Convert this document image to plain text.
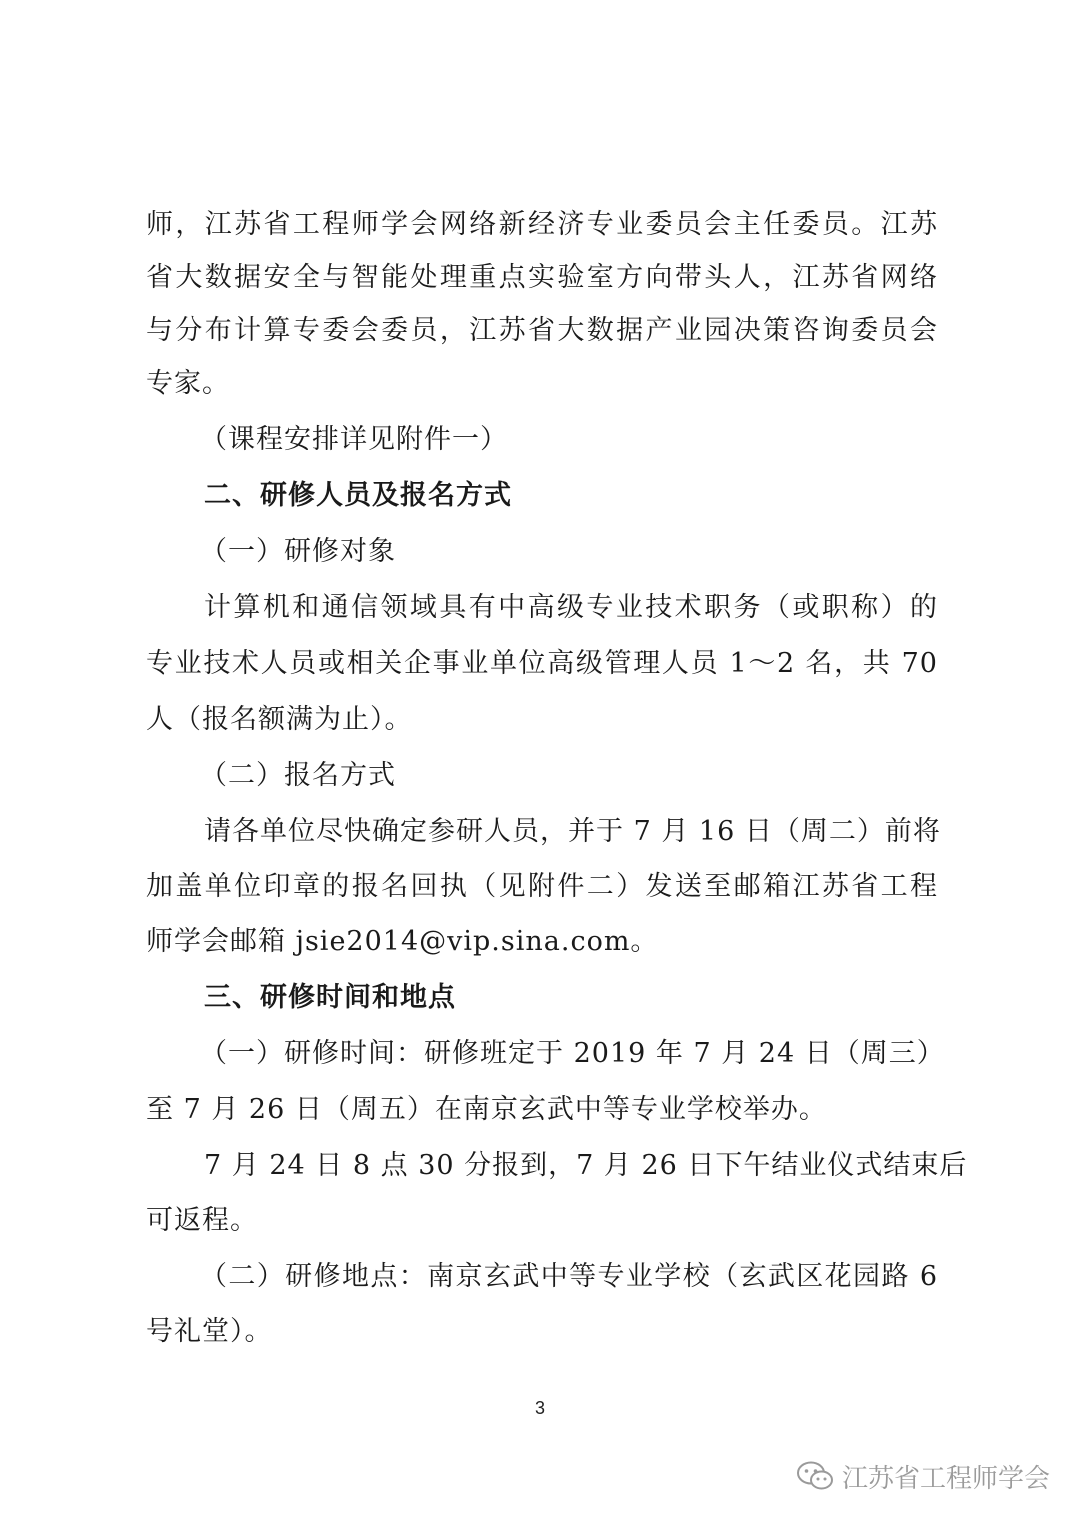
师，江苏省工程师学会网络新经济专业委员会主任委员。江苏
省大数据安全与智能处理重点实验室方向带头人，江苏省网络
与分布计算专委会委员，江苏省大数据产业园决策咨询委员会
专家。
（课程安排详见附件一）
二、研修人员及报名方式
（一）研修对象
计算机和通信领域具有中高级专业技术职务（或职称）的
专业技术人员或相关企事业单位高级管理人员 1～2 名，共 70
人（报名额满为止）。
（二）报名方式
请各单位尽快确定参研人员，并于 7 月 16 日（周二）前将
加盖单位印章的报名回执（见附件二）发送至邮箱江苏省工程
师学会邮箱 jsie2014@vip.sina.com。
三、研修时间和地点
（一）研修时间：研修班定于 2019 年 7 月 24 日（周三）
至 7 月 26 日（周五）在南京玄武中等专业学校举办。
7 月 24 日 8 点 30 分报到，7 月 26 日下午结业仪式结束后
可返程。
（二）研修地点：南京玄武中等专业学校（玄武区花园路 6
号礼堂）。
3
江苏省工程师学会
